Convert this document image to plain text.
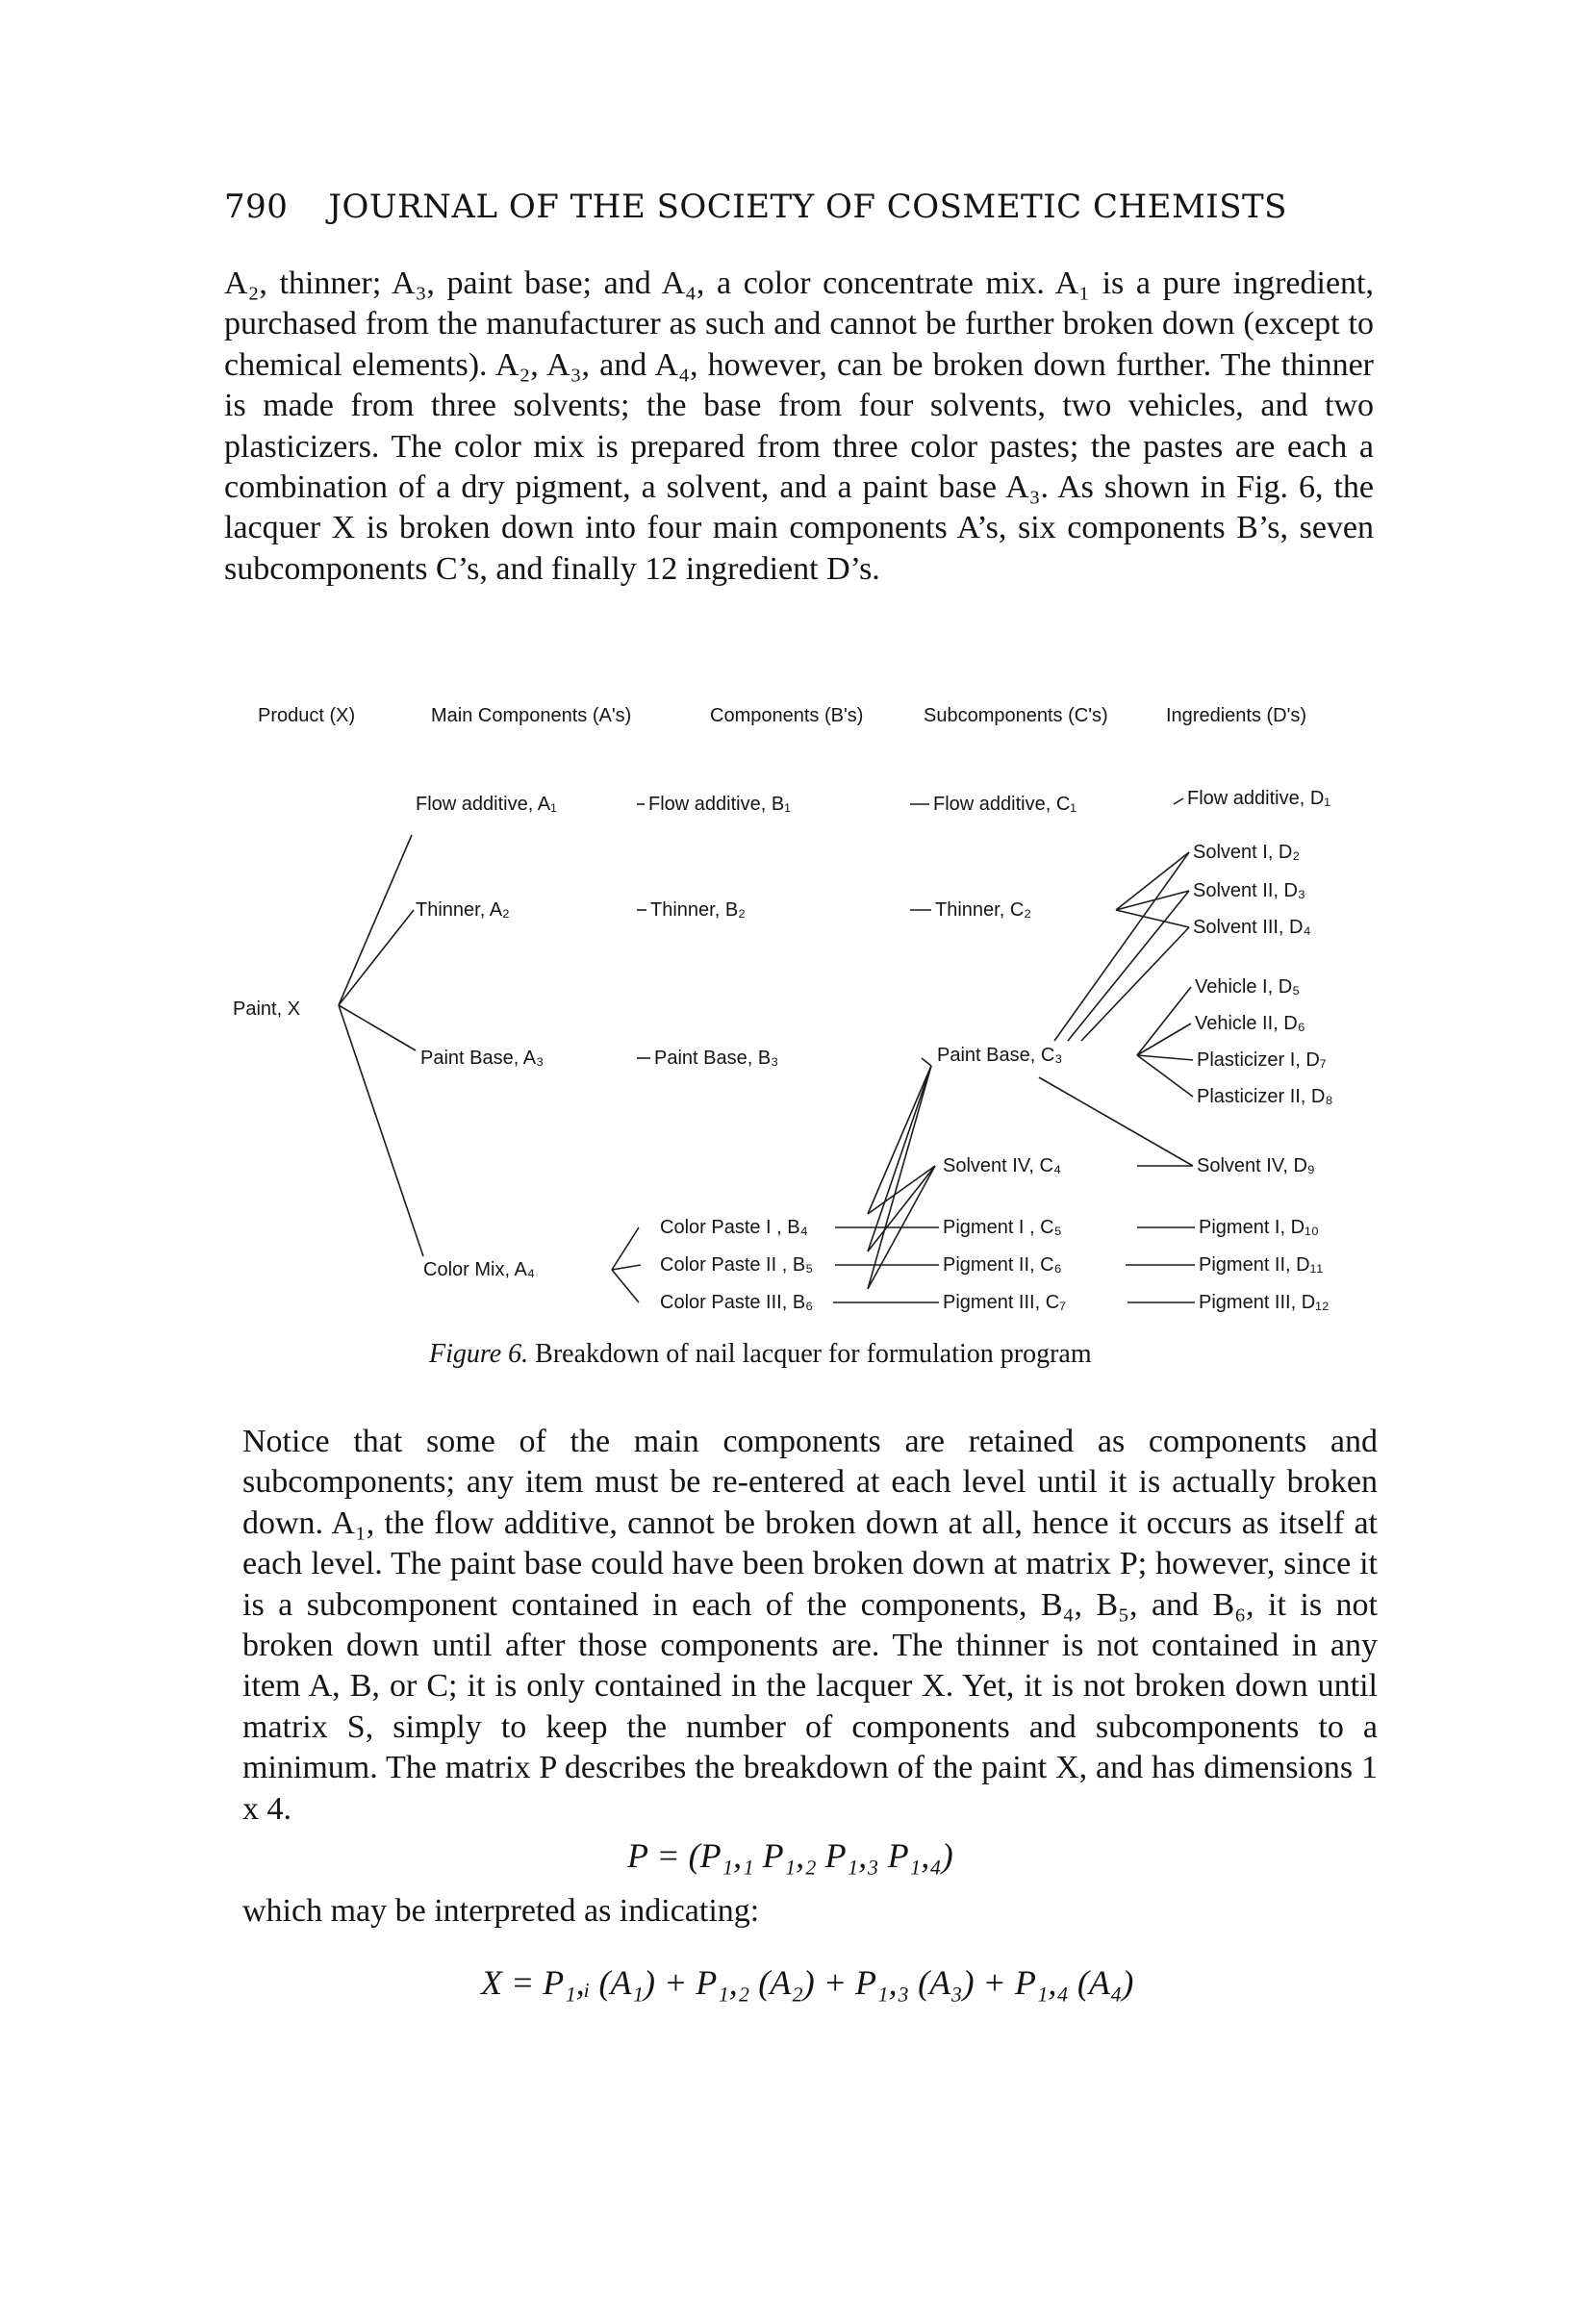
790 JOURNAL OF THE SOCIETY OF COSMETIC CHEMISTS

A₂, thinner; A₃, paint base; and A₄, a color concentrate mix. A₁ is a pure ingredient, purchased from the manufacturer as such and cannot be further broken down (except to chemical elements). A₂, A₃, and A₄, however, can be broken down further. The thinner is made from three solvents; the base from four solvents, two vehicles, and two plasticizers. The color mix is prepared from three color pastes; the pastes are each a combination of a dry pigment, a solvent, and a paint base A₃. As shown in Fig. 6, the lacquer X is broken down into four main components A’s, six components B’s, seven subcomponents C’s, and finally 12 ingredient D’s.

Product (X)	Main Components (A's)	Components (B's)	Subcomponents (C's)	Ingredients (D's)
Paint, X
Flow additive, A₁
Thinner, A₂
Paint Base, A₃
Color Mix, A₄
Flow additive, B₁
Thinner, B₂
Paint Base, B₃
Color Paste I , B₄
Color Paste II , B₅
Color Paste III, B₆
Flow additive, C₁
Thinner, C₂
Paint Base, C₃
Solvent IV, C₄
Pigment I , C₅
Pigment II, C₆
Pigment III, C₇
Flow additive, D₁
Solvent I, D₂
Solvent II, D₃
Solvent III, D₄
Vehicle I, D₅
Vehicle II, D₆
Plasticizer I, D₇
Plasticizer II, D₈
Solvent IV, D₉
Pigment I, D₁₀
Pigment II, D₁₁
Pigment III, D₁₂
Figure 6. Breakdown of nail lacquer for formulation program

Notice that some of the main components are retained as components and subcomponents; any item must be re-entered at each level until it is actually broken down. A₁, the flow additive, cannot be broken down at all, hence it occurs as itself at each level. The paint base could have been broken down at matrix P; however, since it is a subcomponent contained in each of the components, B₄, B₅, and B₆, it is not broken down until after those components are. The thinner is not contained in any item A, B, or C; it is only contained in the lacquer X. Yet, it is not broken down until matrix S, simply to keep the number of components and subcomponents to a minimum. The matrix P describes the breakdown of the paint X, and has dimensions 1 x 4.

P = (P₁,₁ P₁,₂ P₁,₃ P₁,₄)
which may be interpreted as indicating:
X = P₁,ᵢ (A₁) + P₁,₂ (A₂) + P₁,₃ (A₃) + P₁,₄ (A₄)
